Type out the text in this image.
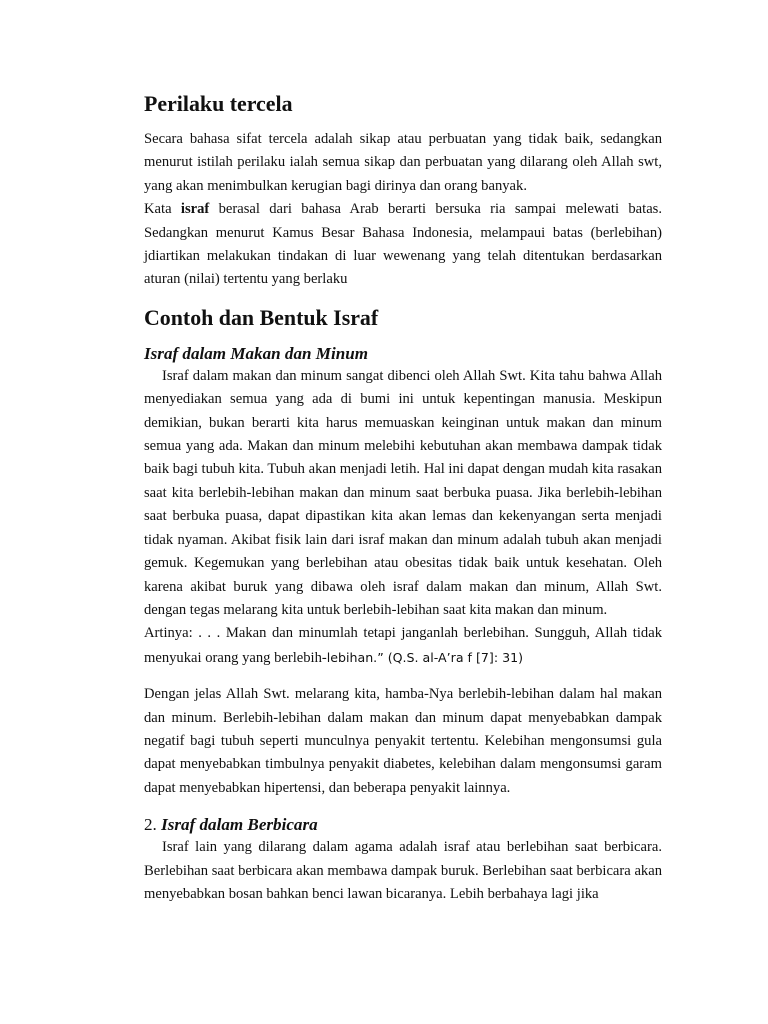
Perilaku tercela

Secara bahasa sifat tercela adalah sikap atau perbuatan yang tidak baik, sedangkan menurut istilah perilaku ialah semua sikap dan perbuatan yang dilarang oleh Allah swt, yang akan menimbulkan kerugian bagi dirinya dan orang banyak.

Kata israf berasal dari bahasa Arab berarti bersuka ria sampai melewati batas. Sedangkan menurut Kamus Besar Bahasa Indonesia, melampaui batas (berlebihan) jdiartikan melakukan tindakan di luar wewenang yang telah ditentukan berdasarkan aturan (nilai) tertentu yang berlaku

Contoh dan Bentuk Israf
Israf dalam Makan dan Minum

Israf dalam makan dan minum sangat dibenci oleh Allah Swt. Kita tahu bahwa Allah menyediakan semua yang ada di bumi ini untuk kepentingan manusia. Meskipun demikian, bukan berarti kita harus memuaskan keinginan untuk makan dan minum semua yang ada. Makan dan minum melebihi kebutuhan akan membawa dampak tidak baik bagi tubuh kita. Tubuh akan menjadi letih. Hal ini dapat dengan mudah kita rasakan saat kita berlebih-lebihan makan dan minum saat berbuka puasa. Jika berlebih-lebihan saat berbuka puasa, dapat dipastikan kita akan lemas dan kekenyangan serta menjadi tidak nyaman. Akibat fisik lain dari israf makan dan minum adalah tubuh akan menjadi gemuk. Kegemukan yang berlebihan atau obesitas tidak baik untuk kesehatan. Oleh karena akibat buruk yang dibawa oleh israf dalam makan dan minum, Allah Swt. dengan tegas melarang kita untuk berlebih-lebihan saat kita makan dan minum.

Artinya: . . . Makan dan minumlah tetapi janganlah berlebihan. Sungguh, Allah tidak menyukai orang yang berlebih-lebihan.” (Q.S. al-A’ra f [7]: 31)

Dengan jelas Allah Swt. melarang kita, hamba-Nya berlebih-lebihan dalam hal makan dan minum. Berlebih-lebihan dalam makan dan minum dapat menyebabkan dampak negatif bagi tubuh seperti munculnya penyakit tertentu. Kelebihan mengonsumsi gula dapat menyebabkan timbulnya penyakit diabetes, kelebihan dalam mengonsumsi garam dapat menyebabkan hipertensi, dan beberapa penyakit lainnya.

2. Israf dalam Berbicara

Israf lain yang dilarang dalam agama adalah israf atau berlebihan saat berbicara. Berlebihan saat berbicara akan membawa dampak buruk. Berlebihan saat berbicara akan menyebabkan bosan bahkan benci lawan bicaranya. Lebih berbahaya lagi jika
